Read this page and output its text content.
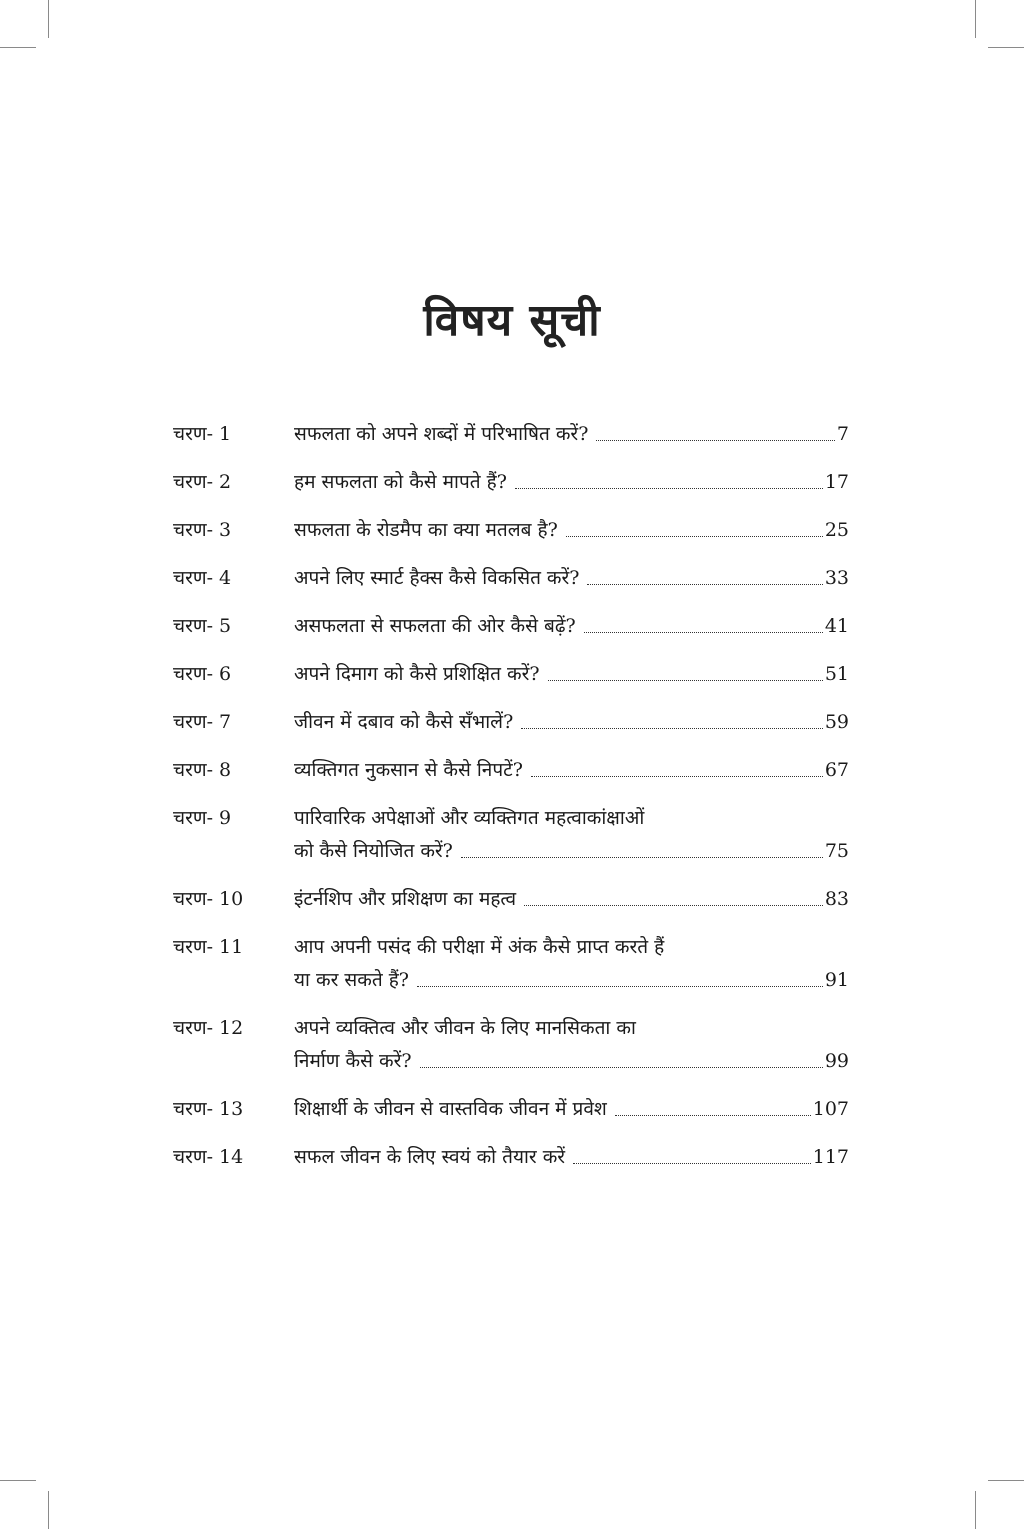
विषय सूची
चरण- 1	सफलता को अपने शब्दों में परिभाषित करें?	7
चरण- 2	हम सफलता को कैसे मापते हैं?	17
चरण- 3	सफलता के रोडमैप का क्या मतलब है?	25
चरण- 4	अपने लिए स्मार्ट हैक्स कैसे विकसित करें?	33
चरण- 5	असफलता से सफलता की ओर कैसे बढ़ें?	41
चरण- 6	अपने दिमाग को कैसे प्रशिक्षित करें?	51
चरण- 7	जीवन में दबाव को कैसे सँभालें?	59
चरण- 8	व्यक्तिगत नुकसान से कैसे निपटें?	67
चरण- 9	पारिवारिक अपेक्षाओं और व्यक्तिगत महत्वाकांक्षाओं
को कैसे नियोजित करें?	75
चरण- 10	इंटर्नशिप और प्रशिक्षण का महत्व	83
चरण- 11	आप अपनी पसंद की परीक्षा में अंक कैसे प्राप्त करते हैं
या कर सकते हैं?	91
चरण- 12	अपने व्यक्तित्व और जीवन के लिए मानसिकता का
निर्माण कैसे करें?	99
चरण- 13	शिक्षार्थी के जीवन से वास्तविक जीवन में प्रवेश	107
चरण- 14	सफल जीवन के लिए स्वयं को तैयार करें	117
